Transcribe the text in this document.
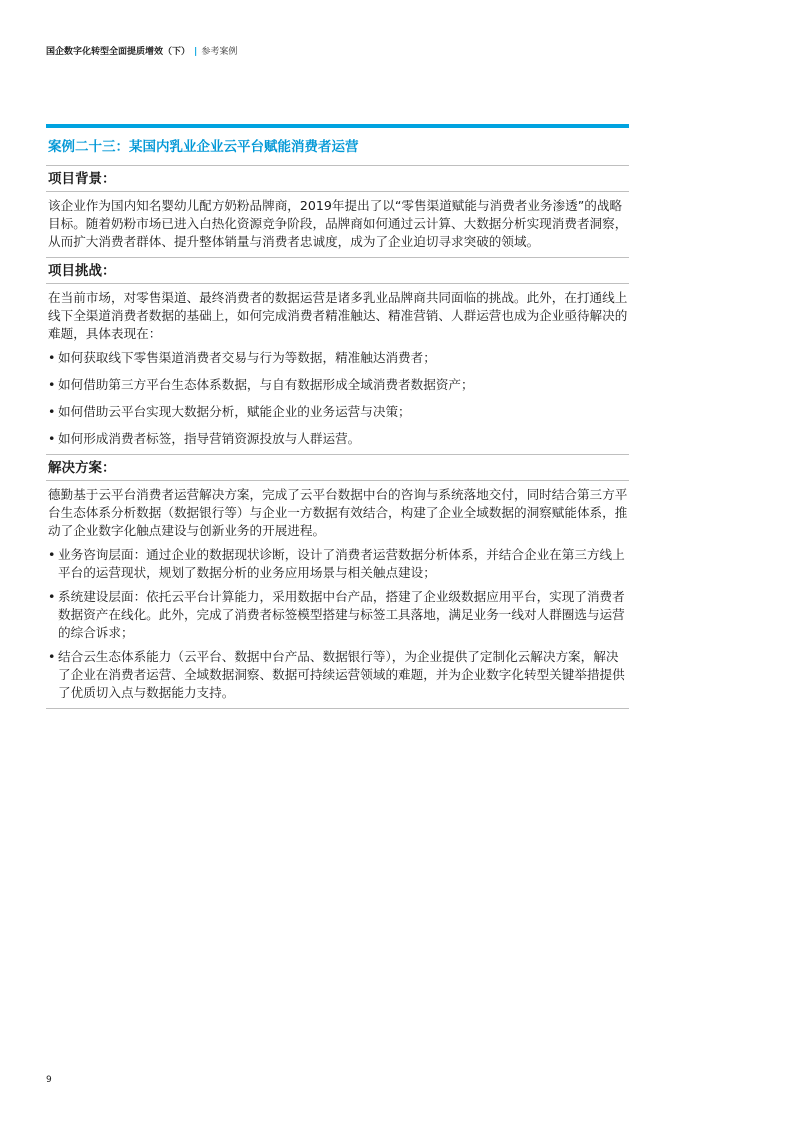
国企数字化转型全面提质增效（下） | 参考案例
案例二十三：某国内乳业企业云平台赋能消费者运营
项目背景：

该企业作为国内知名婴幼儿配方奶粉品牌商，2019年提出了以“零售渠道赋能与消费者业务渗透”的战略目标。随着奶粉市场已进入白热化资源竞争阶段，品牌商如何通过云计算、大数据分析实现消费者洞察，从而扩大消费者群体、提升整体销量与消费者忠诚度，成为了企业迫切寻求突破的领域。

项目挑战：

在当前市场，对零售渠道、最终消费者的数据运营是诸多乳业品牌商共同面临的挑战。此外，在打通线上线下全渠道消费者数据的基础上，如何完成消费者精准触达、精准营销、人群运营也成为企业亟待解决的难题，具体表现在：

• 如何获取线下零售渠道消费者交易与行为等数据，精准触达消费者；
• 如何借助第三方平台生态体系数据，与自有数据形成全域消费者数据资产；
• 如何借助云平台实现大数据分析，赋能企业的业务运营与决策；
• 如何形成消费者标签，指导营销资源投放与人群运营。
解决方案：

德勤基于云平台消费者运营解决方案，完成了云平台数据中台的咨询与系统落地交付，同时结合第三方平台生态体系分析数据（数据银行等）与企业一方数据有效结合，构建了企业全域数据的洞察赋能体系，推动了企业数字化触点建设与创新业务的开展进程。

• 业务咨询层面：通过企业的数据现状诊断，设计了消费者运营数据分析体系，并结合企业在第三方线上平台的运营现状，规划了数据分析的业务应用场景与相关触点建设；
• 系统建设层面：依托云平台计算能力，采用数据中台产品，搭建了企业级数据应用平台，实现了消费者数据资产在线化。此外，完成了消费者标签模型搭建与标签工具落地，满足业务一线对人群圈选与运营的综合诉求；
• 结合云生态体系能力（云平台、数据中台产品、数据银行等），为企业提供了定制化云解决方案，解决了企业在消费者运营、全域数据洞察、数据可持续运营领域的难题，并为企业数字化转型关键举措提供了优质切入点与数据能力支持。
9
